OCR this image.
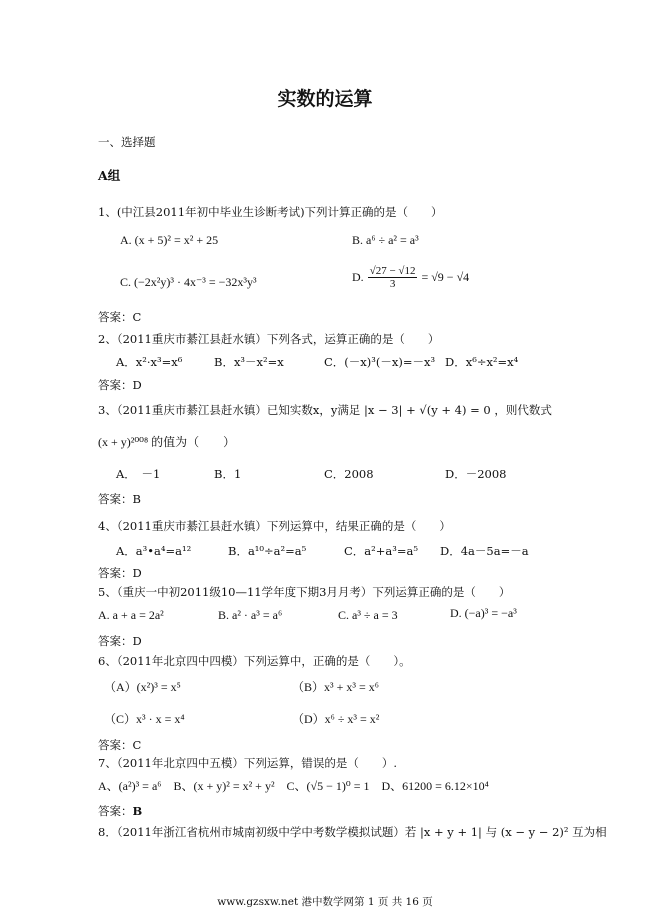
实数的运算
一、选择题
A组
1、(中江县2011年初中毕业生诊断考试)下列计算正确的是（　　）
A. (x + 5)² = x² + 25	B. a⁶ ÷ a² = a³
C. (−2x²y)³ · 4x⁻³ = −32x³y³	D. $\frac{√27 - √12}{3} = √9 - √4$
答案：C
2、（2011重庆市綦江县赶水镇）下列各式，运算正确的是（　　）
A．x²·x³=x⁶	B．x³－x²=x	C．(－x)³(－x)=－x³ D．x⁶÷x²=x⁴
答案：D
3、（2011重庆市綦江县赶水镇）已知实数x，y满足 |x − 3| + √(y + 4) = 0 ，则代数式
(x + y)²⁰⁰⁸ 的值为（　　）
A．　－1	B．1	C．2008	D．－2008
答案：B
4、（2011重庆市綦江县赶水镇）下列运算中，结果正确的是（　　）
A．a³•a⁴=a¹²	B．a¹⁰÷a²=a⁵	C．a²+a³=a⁵ D．4a－5a=－a
答案：D
5、（重庆一中初2011级10—11学年度下期3月月考）下列运算正确的是（　　）
A. a + a = 2a²	B. a² · a³ = a⁶	C. a³ ÷ a = 3	D. (−a)³ = −a³
答案：D
6、（2011年北京四中四模）下列运算中，正确的是（　　）。
（A）(x²)³ = x⁵	（B）x³ + x³ = x⁶
（C）x³ · x = x⁴	（D）x⁶ ÷ x³ = x²
答案：C
7、（2011年北京四中五模）下列运算，错误的是（　　）.
A、(a²)³ = a⁶　B、(x + y)² = x² + y²　C、(√5 − 1)⁰ = 1　D、61200 = 6.12×10⁴
答案：B
8．（2011年浙江省杭州市城南初级中学中考数学模拟试题）若 |x + y + 1| 与 (x − y − 2)² 互为相
www.gzsxw.net 港中数学网第 1 页 共 16 页
